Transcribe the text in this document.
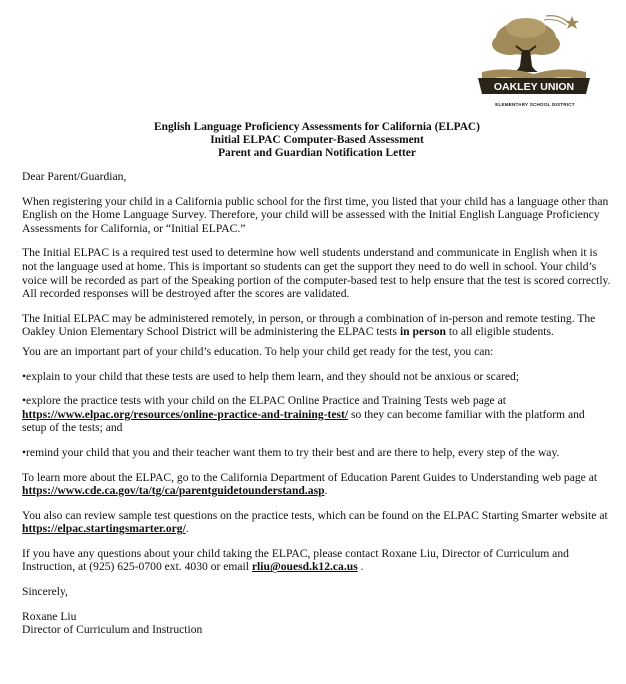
OAKLEY UNION
ELEMENTARY SCHOOL DISTRICT
English Language Proficiency Assessments for California (ELPAC)
Initial ELPAC Computer-Based Assessment
Parent and Guardian Notification Letter

Dear Parent/Guardian,

When registering your child in a California public school for the first time, you listed that your child has a language other than English on the Home Language Survey. Therefore, your child will be assessed with the Initial English Language Proficiency Assessments for California, or “Initial ELPAC.”

The Initial ELPAC is a required test used to determine how well students understand and communicate in English when it is not the language used at home. This is important so students can get the support they need to do well in school. Your child’s voice will be recorded as part of the Speaking portion of the computer-based test to help ensure that the test is scored correctly. All recorded responses will be destroyed after the scores are validated.

The Initial ELPAC may be administered remotely, in person, or through a combination of in-person and remote testing. The Oakley Union Elementary School District will be administering the ELPAC tests in person to all eligible students.

You are an important part of your child’s education. To help your child get ready for the test, you can:

•explain to your child that these tests are used to help them learn, and they should not be anxious or scared;

•explore the practice tests with your child on the ELPAC Online Practice and Training Tests web page at https://www.elpac.org/resources/online-practice-and-training-test/ so they can become familiar with the platform and setup of the tests; and

•remind your child that you and their teacher want them to try their best and are there to help, every step of the way.

To learn more about the ELPAC, go to the California Department of Education Parent Guides to Understanding web page at https://www.cde.ca.gov/ta/tg/ca/parentguidetounderstand.asp.

You also can review sample test questions on the practice tests, which can be found on the ELPAC Starting Smarter website at https://elpac.startingsmarter.org/.

If you have any questions about your child taking the ELPAC, please contact Roxane Liu, Director of Curriculum and Instruction, at (925) 625-0700 ext. 4030 or email rliu@ouesd.k12.ca.us .

Sincerely,

Roxane Liu

Director of Curriculum and Instruction
